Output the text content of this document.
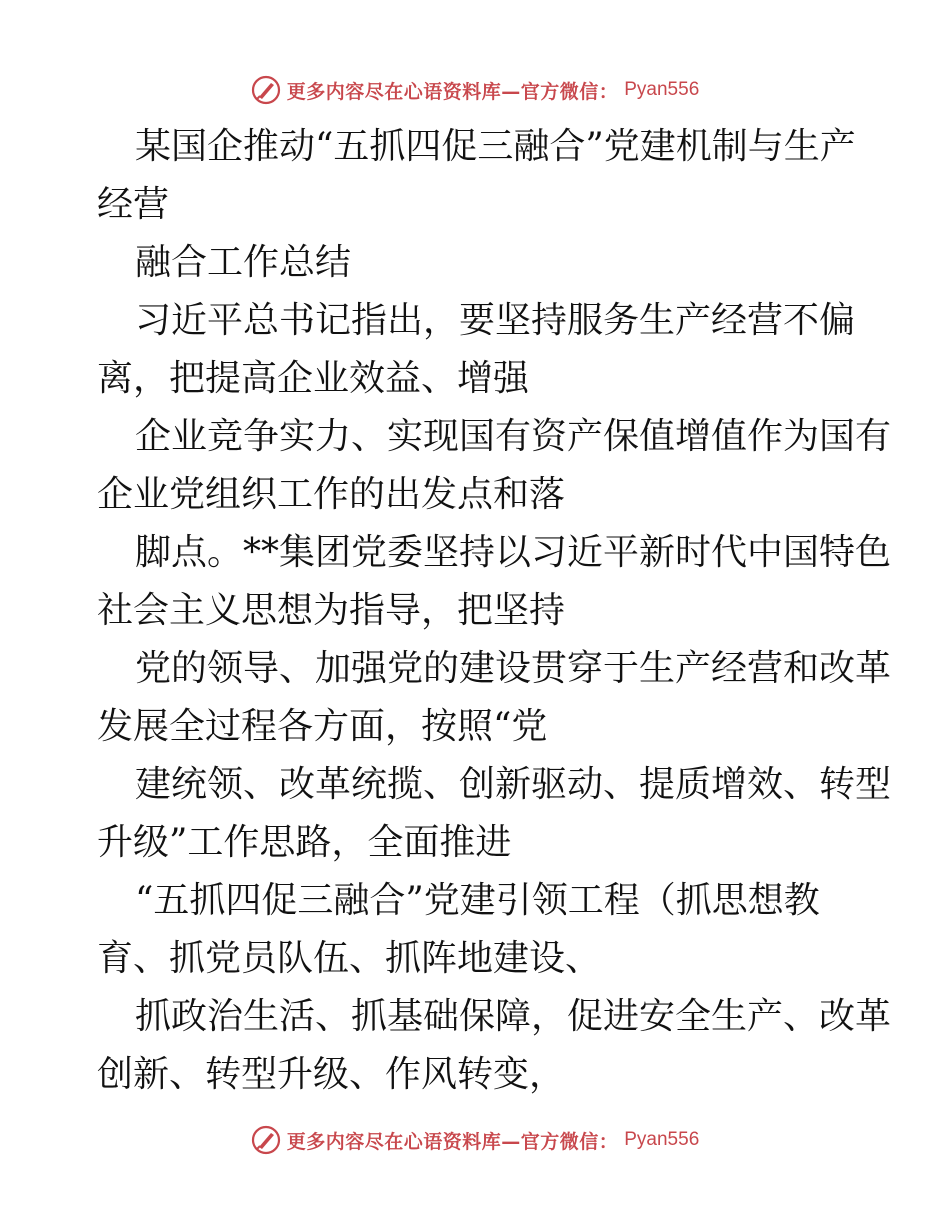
更多内容尽在心语资料库—官方微信： Pyan556
某国企推动“五抓四促三融合”党建机制与生产
经营
融合工作总结
习近平总书记指出，要坚持服务生产经营不偏
离，把提高企业效益、增强
企业竞争实力、实现国有资产保值增值作为国有
企业党组织工作的出发点和落
脚点。**集团党委坚持以习近平新时代中国特色
社会主义思想为指导，把坚持
党的领导、加强党的建设贯穿于生产经营和改革
发展全过程各方面，按照“党
建统领、改革统揽、创新驱动、提质增效、转型
升级”工作思路，全面推进
“五抓四促三融合”党建引领工程（抓思想教
育、抓党员队伍、抓阵地建设、
抓政治生活、抓基础保障，促进安全生产、改革
创新、转型升级、作风转变，
更多内容尽在心语资料库—官方微信： Pyan556
